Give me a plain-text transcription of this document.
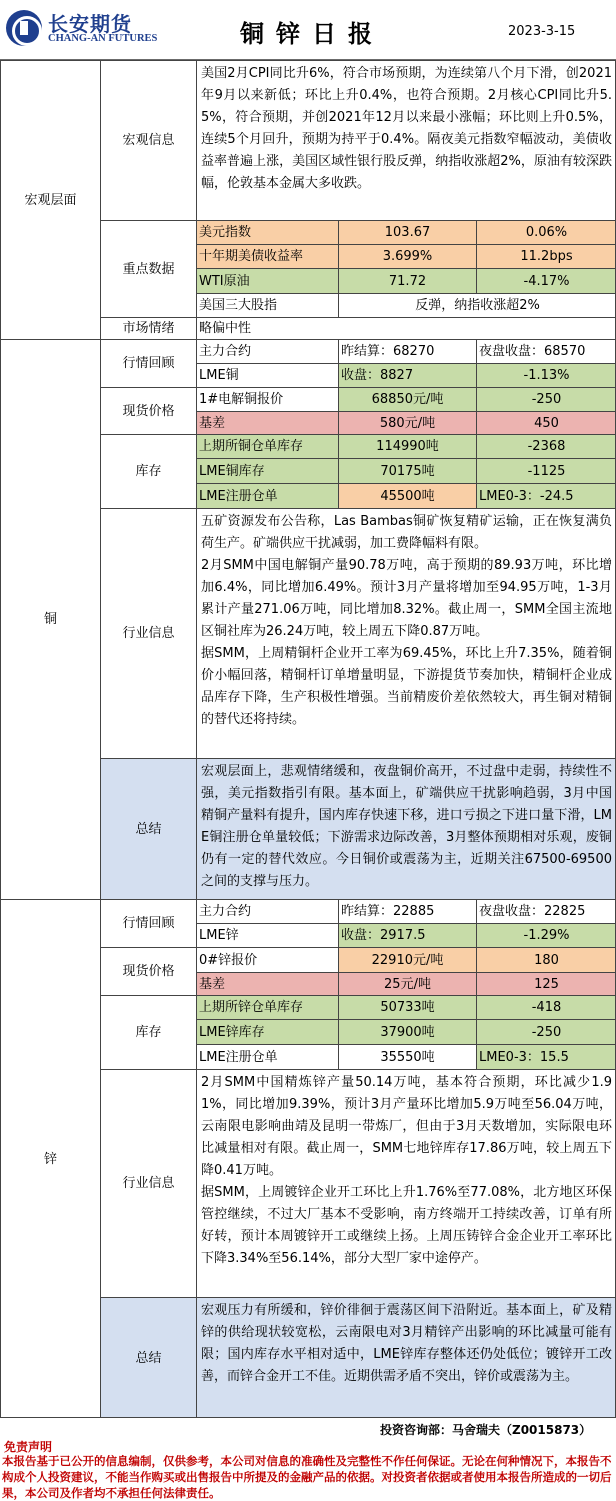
长安期货
CHANG-AN FUTURES	铜锌日报	2023-3-15
宏观层面
宏观信息
美国2月CPI同比升6%，符合市场预期，为连续第八个月下滑，创2021年9月以来新低；环比上升0.4%，也符合预期。2月核心CPI同比升5.5%，符合预期，并创2021年12月以来最小涨幅；环比则上升0.5%，连续5个月回升，预期为持平于0.4%。隔夜美元指数窄幅波动，美债收益率普遍上涨，美国区域性银行股反弹，纳指收涨超2%，原油有较深跌幅，伦敦基本金属大多收跌。
重点数据
美元指数	103.67	0.06%
十年期美债收益率	3.699%	11.2bps
WTI原油	71.72	-4.17%
美国三大股指	反弹，纳指收涨超2%
市场情绪	略偏中性
铜
行情回顾
主力合约	昨结算：68270	夜盘收盘：68570
LME铜	收盘：8827	-1.13%
现货价格
1#电解铜报价	68850元/吨	-250
基差	580元/吨	450
库存
上期所铜仓单库存	114990吨	-2368
LME铜库存	70175吨	-1125
LME注册仓单	45500吨	LME0-3：-24.5
行业信息
五矿资源发布公告称，Las Bambas铜矿恢复精矿运输，正在恢复满负荷生产。矿端供应干扰减弱，加工费降幅料有限。
2月SMM中国电解铜产量90.78万吨，高于预期的89.93万吨，环比增加6.4%，同比增加6.49%。预计3月产量将增加至94.95万吨，1-3月累计产量271.06万吨，同比增加8.32%。截止周一，SMM全国主流地区铜社库为26.24万吨，较上周五下降0.87万吨。
据SMM，上周精铜杆企业开工率为69.45%，环比上升7.35%，随着铜价小幅回落，精铜杆订单增量明显，下游提货节奏加快，精铜杆企业成品库存下降，生产积极性增强。当前精废价差依然较大，再生铜对精铜的替代还将持续。
总结
宏观层面上，悲观情绪缓和，夜盘铜价高开，不过盘中走弱，持续性不强，美元指数指引有限。基本面上，矿端供应干扰影响趋弱，3月中国精铜产量料有提升，国内库存快速下移，进口亏损之下进口量下滑，LME铜注册仓单量较低；下游需求边际改善，3月整体预期相对乐观，废铜仍有一定的替代效应。今日铜价或震荡为主，近期关注67500-69500之间的支撑与压力。
锌
行情回顾
主力合约	昨结算：22885	夜盘收盘：22825
LME锌	收盘：2917.5	-1.29%
现货价格
0#锌报价	22910元/吨	180
基差	25元/吨	125
库存
上期所锌仓单库存	50733吨	-418
LME锌库存	37900吨	-250
LME注册仓单	35550吨	LME0-3：15.5
行业信息
2月SMM中国精炼锌产量50.14万吨，基本符合预期，环比减少1.91%，同比增加9.39%，预计3月产量环比增加5.9万吨至56.04万吨，云南限电影响曲靖及昆明一带炼厂，但由于3月天数增加，实际限电环比减量相对有限。截止周一，SMM七地锌库存17.86万吨，较上周五下降0.41万吨。
据SMM，上周镀锌企业开工环比上升1.76%至77.08%，北方地区环保管控继续，不过大厂基本不受影响，南方终端开工持续改善，订单有所好转，预计本周镀锌开工或继续上扬。上周压铸锌合金企业开工率环比下降3.34%至56.14%，部分大型厂家中途停产。
总结
宏观压力有所缓和，锌价徘徊于震荡区间下沿附近。基本面上，矿及精锌的供给现状较宽松，云南限电对3月精锌产出影响的环比减量可能有限；国内库存水平相对适中，LME锌库存整体还仍处低位；镀锌开工改善，而锌合金开工不佳。近期供需矛盾不突出，锌价或震荡为主。
投资咨询部：马舍瑞夫（Z0015873）
免责声明
本报告基于已公开的信息编制，仅供参考，本公司对信息的准确性及完整性不作任何保证。无论在何种情况下，本报告不构成个人投资建议，不能当作购买或出售报告中所提及的金融产品的依据。对投资者依据或者使用本报告所造成的一切后果，本公司及作者均不承担任何法律责任。
